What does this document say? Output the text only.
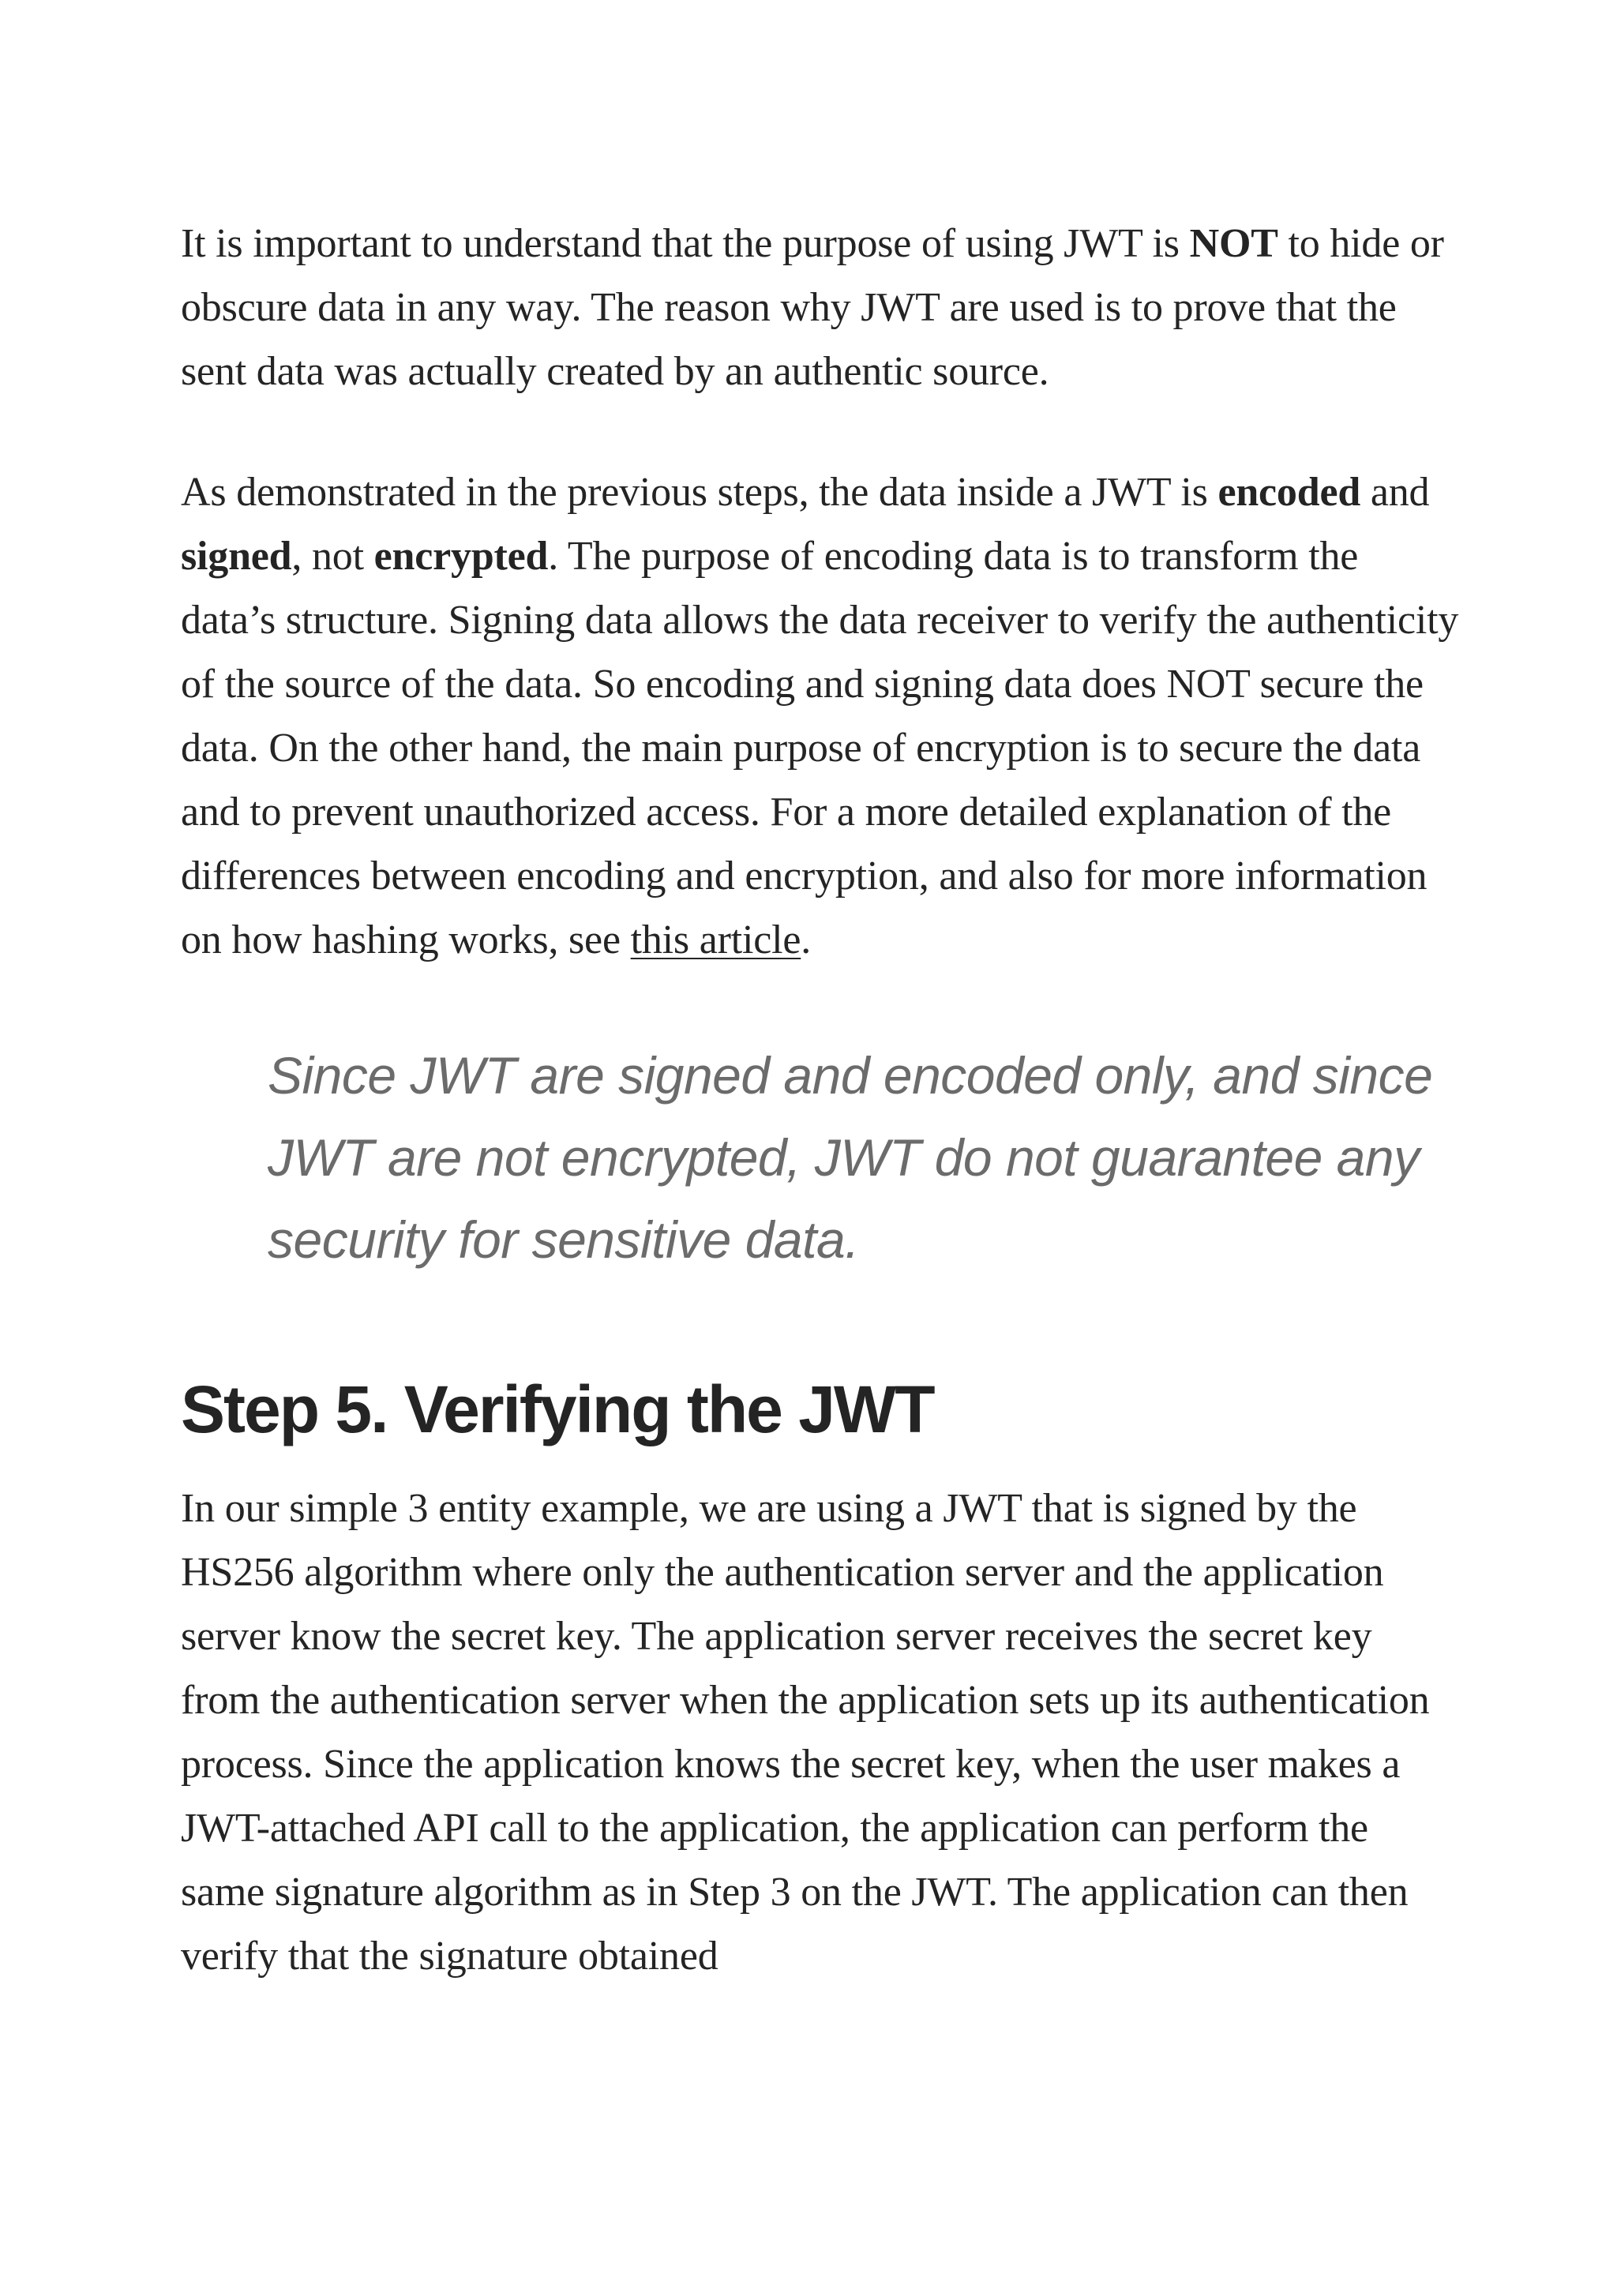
It is important to understand that the purpose of using JWT is NOT to hide or obscure data in any way. The reason why JWT are used is to prove that the sent data was actually created by an authentic source.

As demonstrated in the previous steps, the data inside a JWT is encoded and signed, not encrypted. The purpose of encoding data is to transform the data’s structure. Signing data allows the data receiver to verify the authenticity of the source of the data. So encoding and signing data does NOT secure the data. On the other hand, the main purpose of encryption is to secure the data and to prevent unauthorized access. For a more detailed explanation of the differences between encoding and encryption, and also for more information on how hashing works, see this article.

Since JWT are signed and encoded only, and since JWT are not encrypted, JWT do not guarantee any security for sensitive data.
Step 5. Verifying the JWT

In our simple 3 entity example, we are using a JWT that is signed by the HS256 algorithm where only the authentication server and the application server know the secret key. The application server receives the secret key from the authentication server when the application sets up its authentication process. Since the application knows the secret key, when the user makes a JWT-attached API call to the application, the application can perform the same signature algorithm as in Step 3 on the JWT. The application can then verify that the signature obtained
